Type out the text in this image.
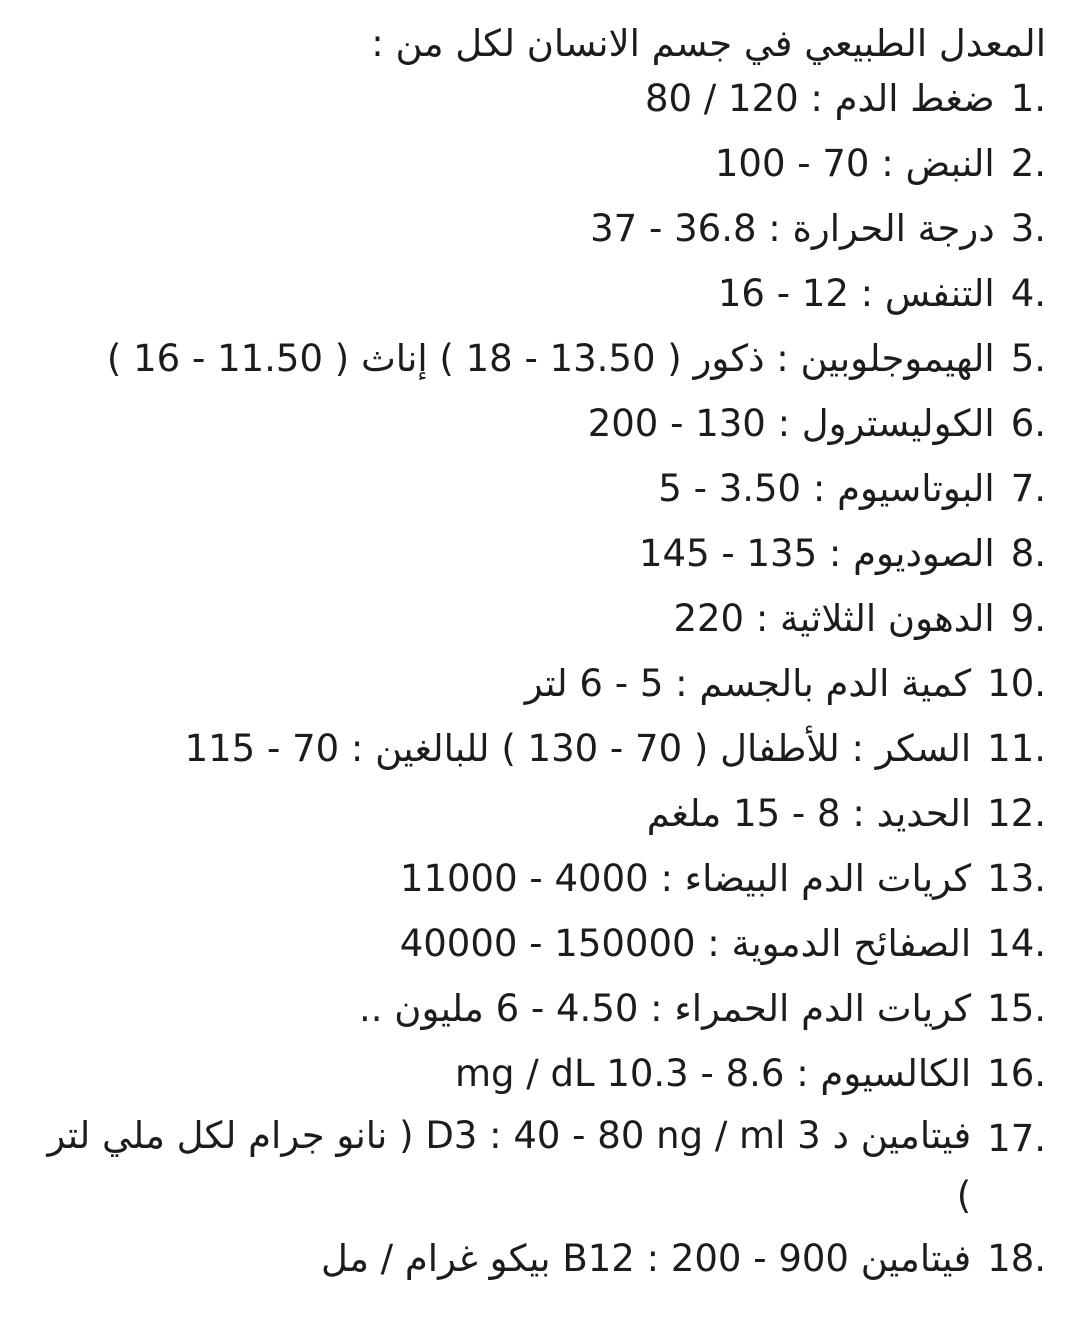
المعدل الطبيعي في جسم الانسان لكل من :

1.
ضغط الدم : 120 / 80
2.
النبض : 70 - 100
3.
درجة الحرارة : 36.8 - 37
4.
التنفس : 12 - 16
5.
الهيموجلوبين : ذكور ( 13.50 - 18 ) إناث ( 11.50 - 16 )
6.
الكوليسترول : 130 - 200
7.
البوتاسيوم : 3.50 - 5
8.
الصوديوم : 135 - 145
9.
الدهون الثلاثية : 220
10.
كمية الدم بالجسم : 5 - 6 لتر
11.
السكر : للأطفال ( 70 - 130 ) للبالغين : 70 - 115
12.
الحديد : 8 - 15 ملغم
13.
كريات الدم البيضاء : 4000 - 11000
14.
الصفائح الدموية : 150000 - 40000
15.
كريات الدم الحمراء : 4.50 - 6 مليون ..
16.
الكالسيوم : 8.6 - 10.3 mg / dL
17.
فيتامين د 3 D3 : 40 - 80 ng / ml ( نانو جرام لكل ملي لتر )
18.
فيتامين B12 : 200 - 900 بيكو غرام / مل
